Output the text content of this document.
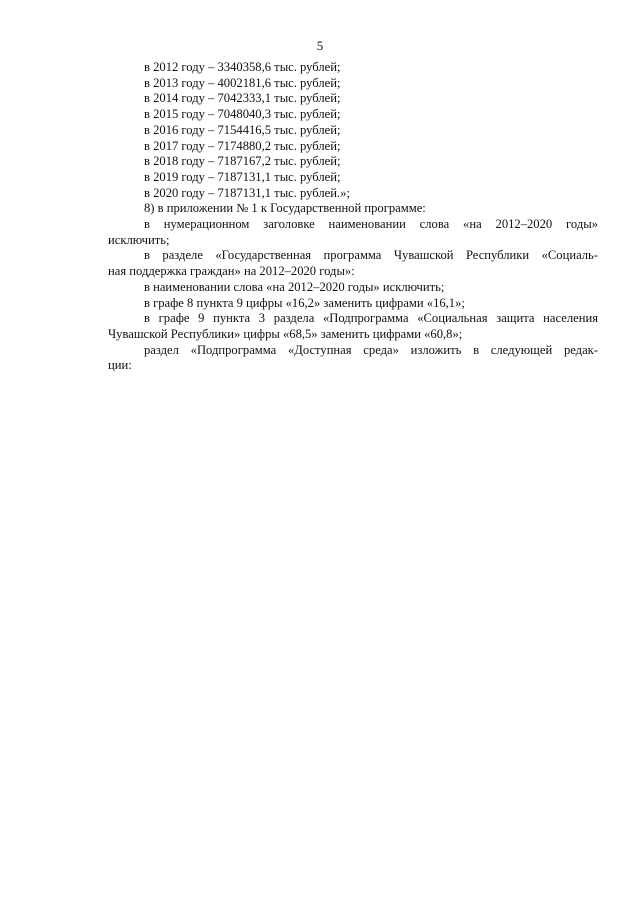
5
в 2012 году – 3340358,6 тыс. рублей;
в 2013 году – 4002181,6 тыс. рублей;
в 2014 году – 7042333,1 тыс. рублей;
в 2015 году – 7048040,3 тыс. рублей;
в 2016 году – 7154416,5 тыс. рублей;
в 2017 году – 7174880,2 тыс. рублей;
в 2018 году – 7187167,2 тыс. рублей;
в 2019 году – 7187131,1 тыс. рублей;
в 2020 году – 7187131,1 тыс. рублей.»;
8) в приложении № 1 к Государственной программе:
в нумерационном заголовке наименовании слова «на 2012–2020 годы»
исключить;
в разделе «Государственная программа Чувашской Республики «Социаль-
ная поддержка граждан» на 2012–2020 годы»:
в наименовании слова «на 2012–2020 годы» исключить;
в графе 8 пункта 9 цифры «16,2» заменить цифрами «16,1»;
в графе 9 пункта 3 раздела «Подпрограмма «Социальная защита населения
Чувашской Республики» цифры «68,5» заменить цифрами «60,8»;
раздел «Подпрограмма «Доступная среда» изложить в следующей редак-
ции:
